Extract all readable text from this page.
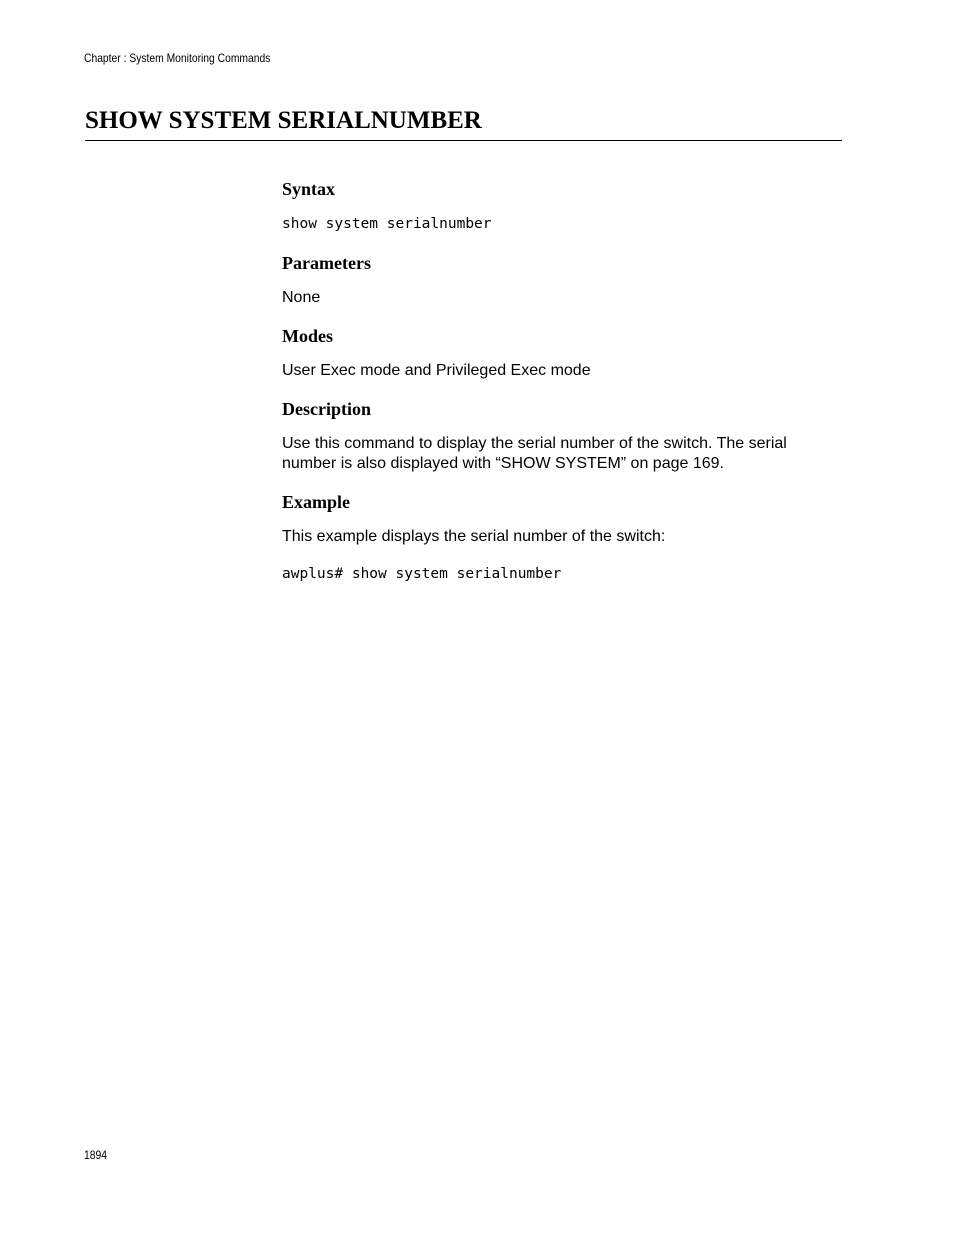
Chapter : System Monitoring Commands
SHOW SYSTEM SERIALNUMBER
Syntax
show system serialnumber
Parameters

None

Modes

User Exec mode and Privileged Exec mode

Description

Use this command to display the serial number of the switch. The serial
number is also displayed with “SHOW SYSTEM” on page 169.

Example

This example displays the serial number of the switch:

awplus# show system serialnumber
1894
